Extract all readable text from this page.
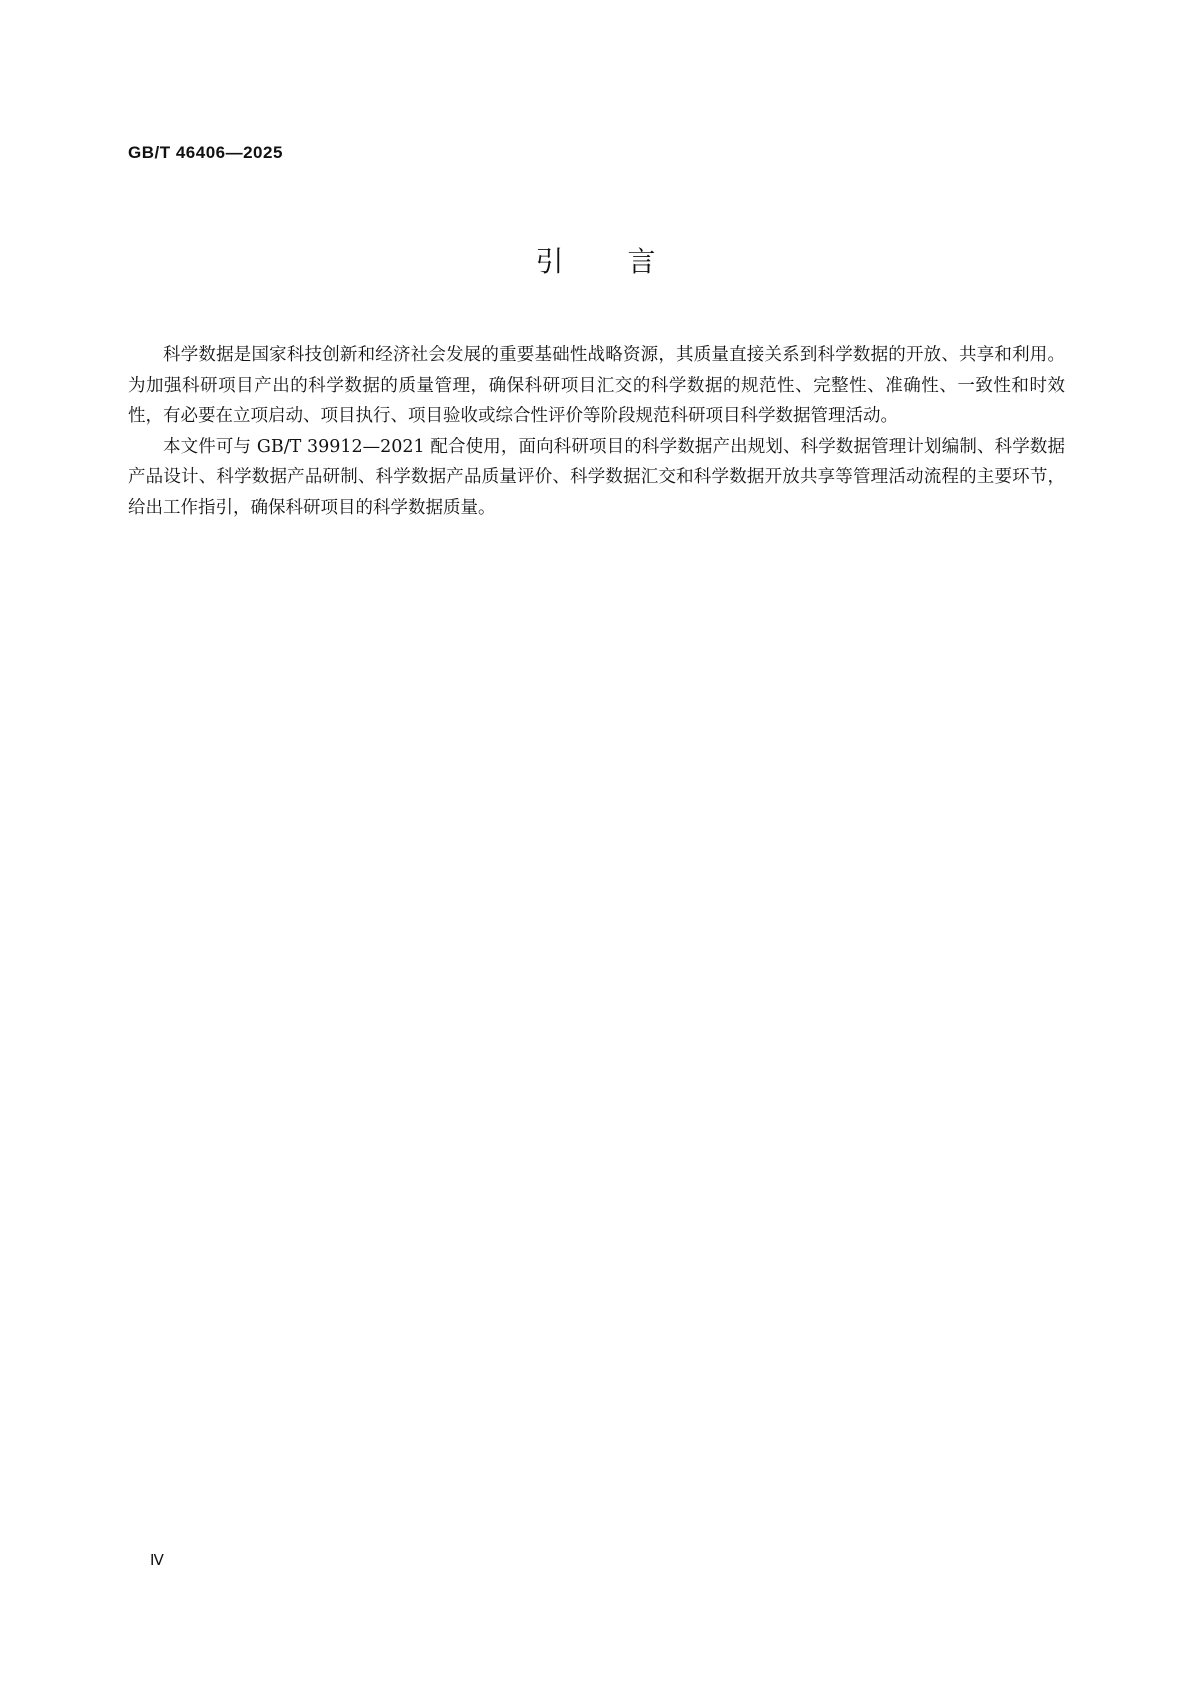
GB/T 46406—2025
引 言

科学数据是国家科技创新和经济社会发展的重要基础性战略资源，其质量直接关系到科学数据的开放、共享和利用。为加强科研项目产出的科学数据的质量管理，确保科研项目汇交的科学数据的规范性、完整性、准确性、一致性和时效性，有必要在立项启动、项目执行、项目验收或综合性评价等阶段规范科研项目科学数据管理活动。

本文件可与 GB/T 39912—2021 配合使用，面向科研项目的科学数据产出规划、科学数据管理计划编制、科学数据产品设计、科学数据产品研制、科学数据产品质量评价、科学数据汇交和科学数据开放共享等管理活动流程的主要环节，给出工作指引，确保科研项目的科学数据质量。

Ⅳ
